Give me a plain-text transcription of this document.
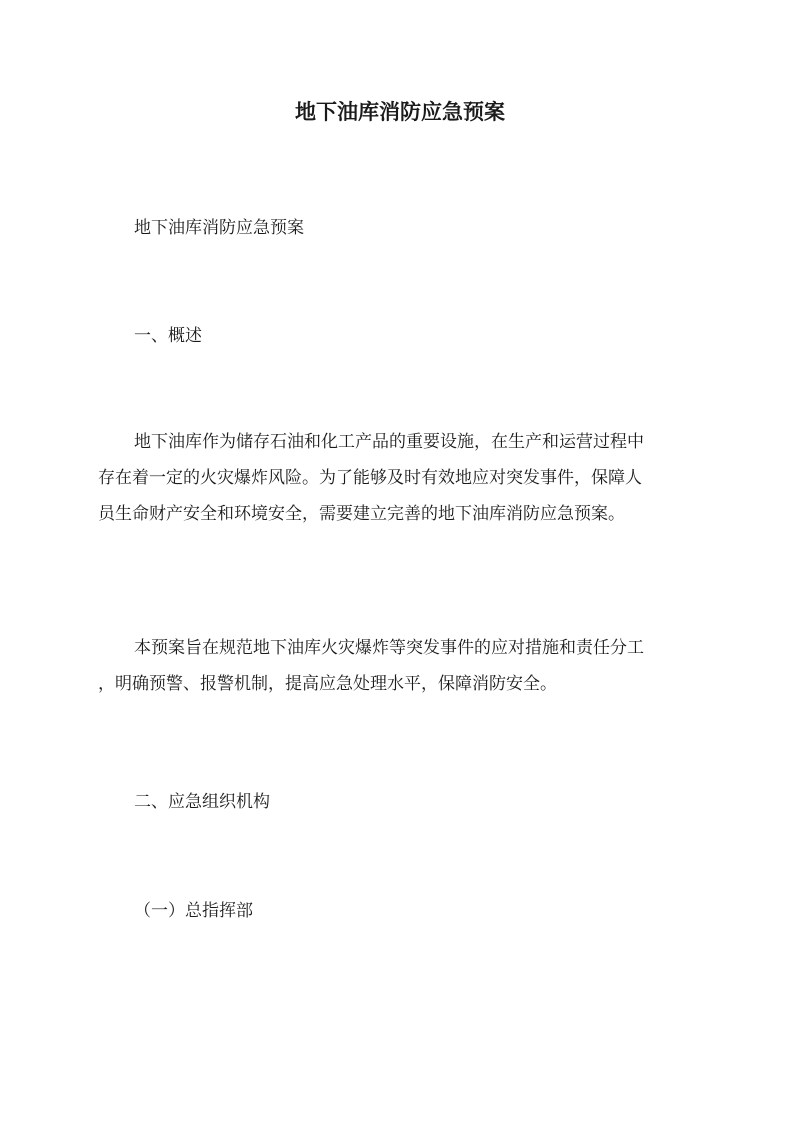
地下油库消防应急预案

地下油库消防应急预案

一、概述

地下油库作为储存石油和化工产品的重要设施，在生产和运营过程中
存在着一定的火灾爆炸风险。为了能够及时有效地应对突发事件，保障人
员生命财产安全和环境安全，需要建立完善的地下油库消防应急预案。

本预案旨在规范地下油库火灾爆炸等突发事件的应对措施和责任分工
，明确预警、报警机制，提高应急处理水平，保障消防安全。

二、应急组织机构

（一）总指挥部
